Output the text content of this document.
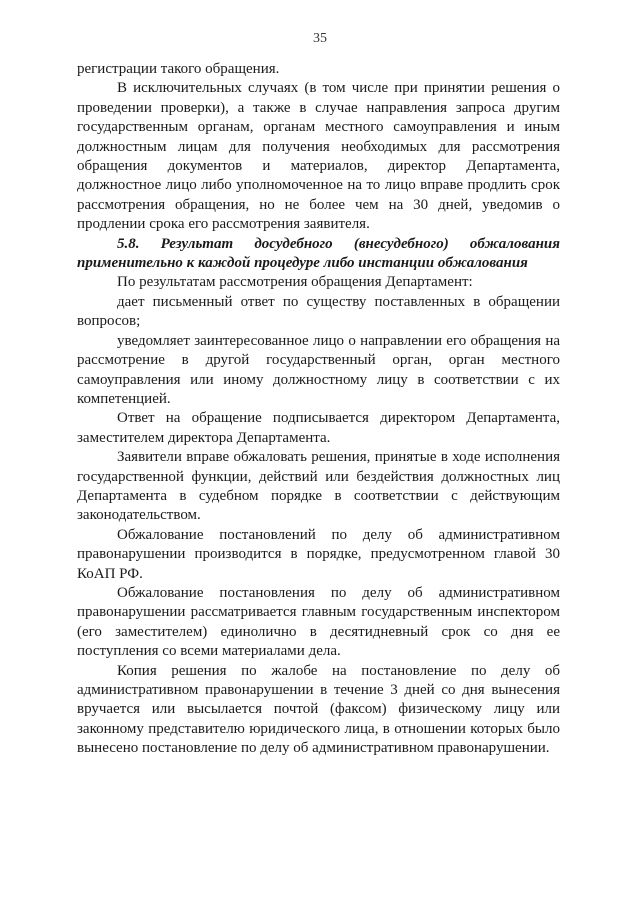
35

регистрации такого обращения.

В исключительных случаях (в том числе при принятии решения о проведении проверки), а также в случае направления запроса другим государственным органам, органам местного самоуправления и иным должностным лицам для получения необходимых для рассмотрения обращения документов и материалов, директор Департамента, должностное лицо либо уполномоченное на то лицо вправе продлить срок рассмотрения обращения, но не более чем на 30 дней, уведомив о продлении срока его рассмотрения заявителя.

5.8. Результат досудебного (внесудебного) обжалования применительно к каждой процедуре либо инстанции обжалования

По результатам рассмотрения обращения Департамент:

дает письменный ответ по существу поставленных в обращении вопросов;

уведомляет заинтересованное лицо о направлении его обращения на рассмотрение в другой государственный орган, орган местного самоуправления или иному должностному лицу в соответствии с их компетенцией.

Ответ на обращение подписывается директором Департамента, заместителем директора Департамента.

Заявители вправе обжаловать решения, принятые в ходе исполнения государственной функции, действий или бездействия должностных лиц Департамента в судебном порядке в соответствии с действующим законодательством.

Обжалование постановлений по делу об административном правонарушении производится в порядке, предусмотренном главой 30 КоАП РФ.

Обжалование постановления по делу об административном правонарушении рассматривается главным государственным инспектором (его заместителем) единолично в десятидневный срок со дня ее поступления со всеми материалами дела.

Копия решения по жалобе на постановление по делу об административном правонарушении в течение 3 дней со дня вынесения вручается или высылается почтой (факсом) физическому лицу или законному представителю юридического лица, в отношении которых было вынесено постановление по делу об административном правонарушении.
